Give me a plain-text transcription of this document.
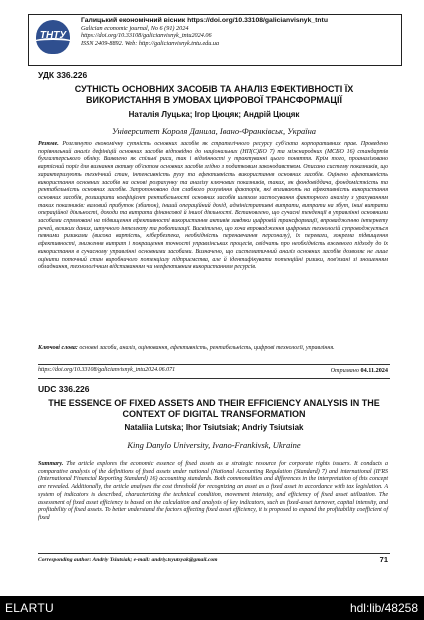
ТНТУ
Галицький економічний вісник https://doi.org/10.33108/galicianvisnyk_tntu
Galician economic journal, No 6 (91) 2024
https://doi.org/10.33108/galicianvisnyk_tntu2024.06
ISSN 2409-8892. Web: http://galicianvisnyk.tntu.edu.ua
УДК 336.226
СУТНІСТЬ ОСНОВНИХ ЗАСОБІВ ТА АНАЛІЗ ЕФЕКТИВНОСТІ ЇХ ВИКОРИСТАННЯ В УМОВАХ ЦИФРОВОЇ ТРАНСФОРМАЦІЇ
Наталія Луцька; Ігор Цюцяк; Андрій Цюцяк
Університет Короля Данила, Івано-Франківськ, Україна
Резюме. Розглянуто економічну сутність основних засобів як стратегічного ресурсу суб'єкта корпоративних прав. Проведено порівняльний аналіз дефініцій основних засобів відповідно до національних (НП(С)БО 7) та міжнародних (МСБО 16) стандартів бухгалтерського обліку. Виявлено як спільні риси, так і відмінності у трактуванні цього поняття. Крім того, проаналізовано вартісний поріг для визнання активу об'єктом основних засобів згідно з податковим законодавством. Описано систему показників, що характеризують технічний стан, інтенсивність руху та ефективність використання основних засобів. Оцінено ефективність використання основних засобів на основі розрахунку та аналізу ключових показників, таких, як фондовіддача, фондомісткість та рентабельність основних засобів. Запропоновано для слабкого розуміння факторів, які впливають на ефективність використання основних засобів, розширити коефіцієнт рентабельності основних засобів шляхом застосування факторного аналізу з урахуванням таких показників: валовий прибуток (збиток), інший операційний дохід, адміністративні витрати, витрати на збут, інші витрати операційної діяльності, доходи та витрати фінансової й іншої діяльності. Встановлено, що сучасні тенденції в управлінні основними засобами спрямовані на підвищення ефективності використання активів завдяки цифровій трансформації, впровадженню інтернету речей, великих даних, штучного інтелекту та роботизації. Висвітлено, що хоча впровадження цифрових технологій супроводжується певними ризиками (висока вартість, кібербезпека, необхідність перенавчання персоналу), їх переваги, зокрема підвищення ефективності, зниження витрат і покращення точності управлінських процесів, свідчать про необхідність вжевного підходу до їх використання в сучасному управлінні основними засобами. Визначено, що систематичний аналіз основних засобів дозволяє не лише оцінити поточний стан виробничого потенціалу підприємства, але й ідентифікувати потенційні ризики, пов'язані зі зношенням обладнання, технологічним відставанням чи неефективним використанням ресурсів.
Ключові слова: основні засоби, аналіз, оцінювання, ефективність, рентабельність, цифрові технології, управління.
https://doi.org/10.33108/galicianvisnyk_tntu2024.06.071	Отримано 04.11.2024
UDC 336.226
THE ESSENCE OF FIXED ASSETS AND THEIR EFFICIENCY ANALYSIS IN THE CONTEXT OF DIGITAL TRANSFORMATION
Nataliia Lutska; Ihor Tsiutsiak; Andriy Tsiutsiak
King Danylo University, Ivano-Frankivsk, Ukraine
Summary. The article explores the economic essence of fixed assets as a strategic resource for corporate rights issuers. It conducts a comparative analysis of the definitions of fixed assets under national (National Accounting Regulation (Standard) 7) and international (IFRS (International Financial Reporting Standard) 16) accounting standards. Both commonalities and differences in the interpretation of this concept are revealed. Additionally, the article analyses the cost threshold for recognizing an asset as a fixed asset in accordance with tax legislation. A system of indicators is described, characterizing the technical condition, movement intensity, and efficiency of fixed asset utilization. The assessment of fixed asset efficiency is based on the calculation and analysis of key indicators, such as fixed-asset turnover, capital intensity, and profitability of fixed assets. To better understand the factors affecting fixed asset efficiency, it is proposed to expand the profitability coefficient of fixed
Corresponding author: Andriy Tsiutsiak; e-mail: andriy.tsyutsyak@gmail.com	71
ELARTU	hdl:lib/48258
